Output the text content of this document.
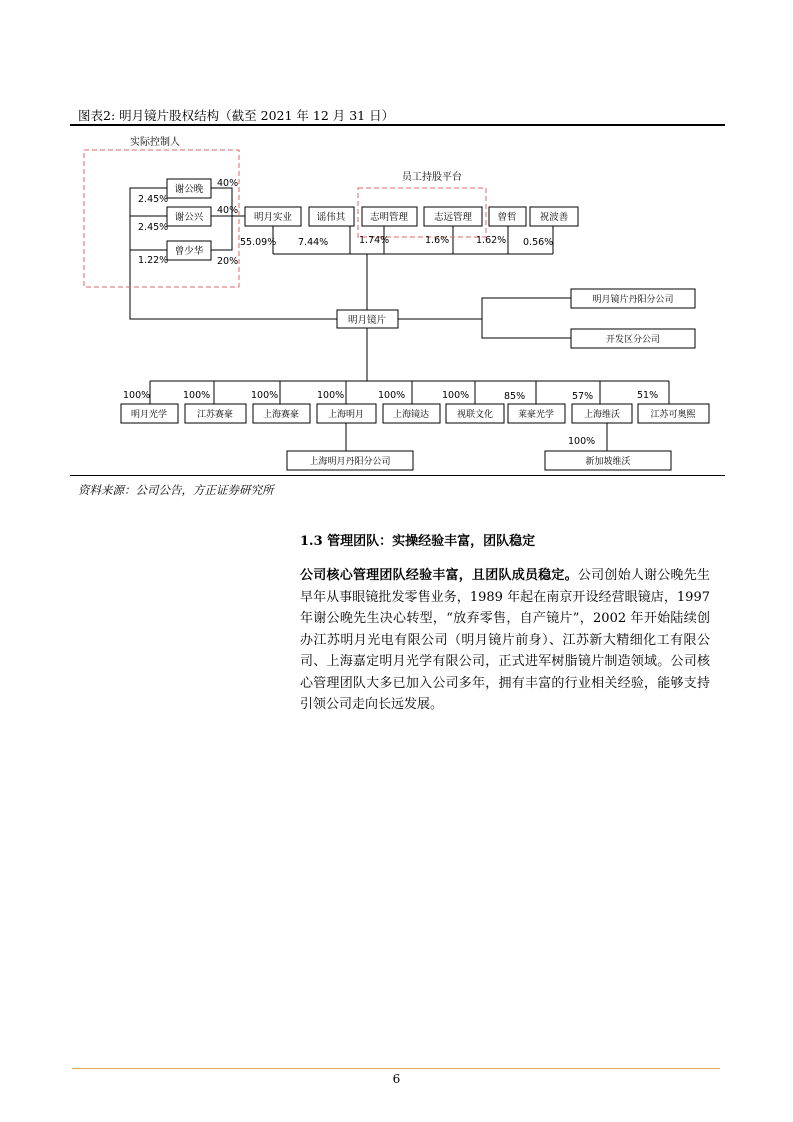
图表2: 明月镜片股权结构（截至 2021 年 12 月 31 日）
实际控制人
员工持股平台
谢公晚
谢公兴
曾少华
40%
40%
20%
2.45%
2.45%
1.22%
明月实业	谣伟其	志明管理	志远管理	曾哲 祝波善
55.09% 7.44%	1.74%	1.6%	1.62% 0.56%
明月镜片
明月镜片丹阳分公司
开发区分公司
100%	100%	100%	100%	100%	100%	85%	57%	51%
明月光学	江苏赛豪	上海赛豪	上海明月	上海镜达	视联文化	莱豪光学	上海维沃	江苏可奥熙
100%
上海明月丹阳分公司	新加坡维沃
资料来源：公司公告，方正证券研究所
1.3 管理团队：实操经验丰富，团队稳定
公司核心管理团队经验丰富，且团队成员稳定。公司创始人谢公晚先生早年从事眼镜批发零售业务，1989 年起在南京开设经营眼镜店，1997 年谢公晚先生决心转型，“放弃零售，自产镜片”，2002 年开始陆续创办江苏明月光电有限公司（明月镜片前身）、江苏新大精细化工有限公司、上海嘉定明月光学有限公司，正式进军树脂镜片制造领域。公司核心管理团队大多已加入公司多年，拥有丰富的行业相关经验，能够支持引领公司走向长远发展。
6
